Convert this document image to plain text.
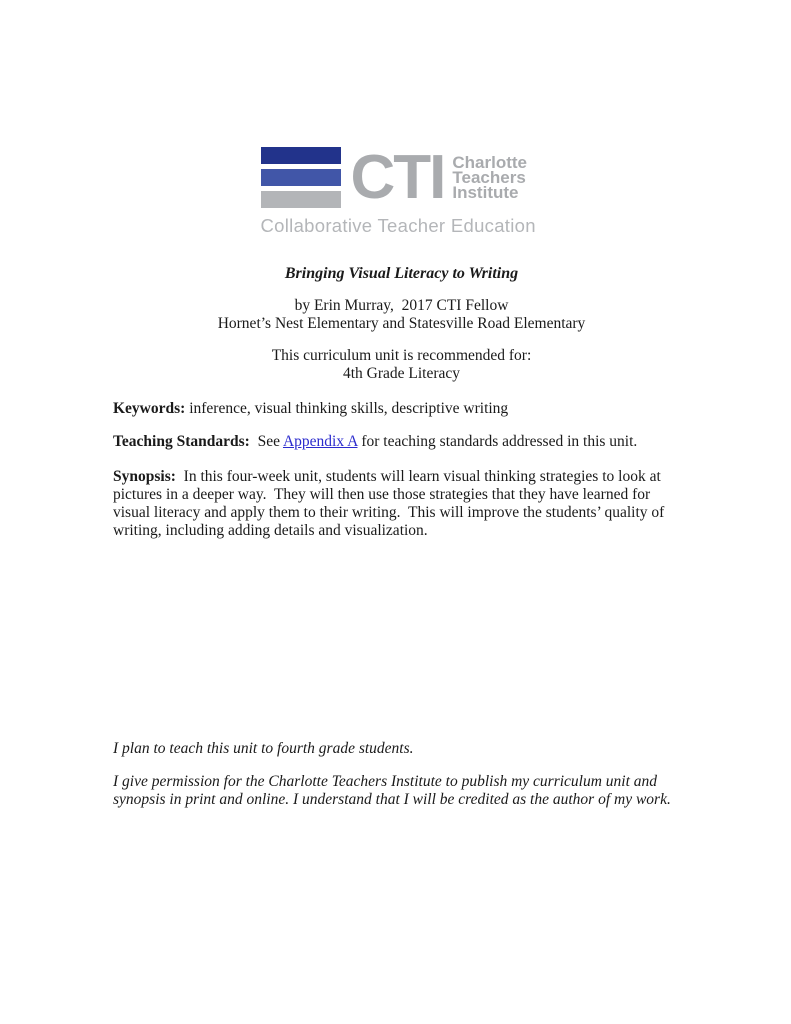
CTI Charlotte
Teachers
Institute
Collaborative Teacher Education
Bringing Visual Literacy to Writing
by Erin Murray,  2017 CTI Fellow
Hornet’s Nest Elementary and Statesville Road Elementary
This curriculum unit is recommended for:
4th Grade Literacy
Keywords: inference, visual thinking skills, descriptive writing
Teaching Standards:  See Appendix A for teaching standards addressed in this unit.
Synopsis:  In this four-week unit, students will learn visual thinking strategies to look at pictures in a deeper way.  They will then use those strategies that they have learned for visual literacy and apply them to their writing.  This will improve the students’ quality of writing, including adding details and visualization.
I plan to teach this unit to fourth grade students.
I give permission for the Charlotte Teachers Institute to publish my curriculum unit and synopsis in print and online. I understand that I will be credited as the author of my work.
